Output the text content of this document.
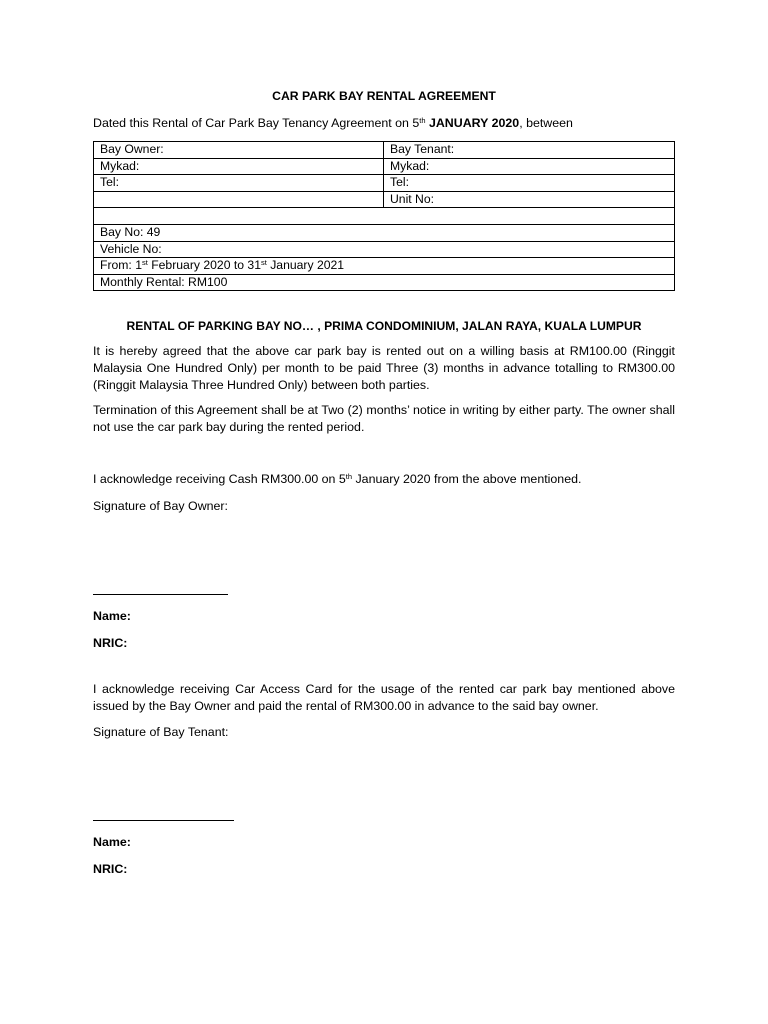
CAR PARK BAY RENTAL AGREEMENT
Dated this Rental of Car Park Bay Tenancy Agreement on 5th JANUARY 2020, between
Bay Owner:	Bay Tenant:
Mykad:	Mykad:
Tel:	Tel:
	Unit No:

Bay No: 49	
Vehicle No:	
From: 1st February 2020 to 31st January 2021	
Monthly Rental: RM100	
RENTAL OF PARKING BAY NO… , PRIMA CONDOMINIUM, JALAN RAYA, KUALA LUMPUR

It is hereby agreed that the above car park bay is rented out on a willing basis at RM100.00 (Ringgit Malaysia One Hundred Only) per month to be paid Three (3) months in advance totalling to RM300.00 (Ringgit Malaysia Three Hundred Only) between both parties.

Termination of this Agreement shall be at Two (2) months’ notice in writing by either party. The owner shall not use the car park bay during the rented period.

I acknowledge receiving Cash RM300.00 on 5th January 2020 from the above mentioned.

Signature of Bay Owner:

Name:

NRIC:

I acknowledge receiving Car Access Card for the usage of the rented car park bay mentioned above issued by the Bay Owner and paid the rental of RM300.00 in advance to the said bay owner.

Signature of Bay Tenant:

Name:

NRIC:
